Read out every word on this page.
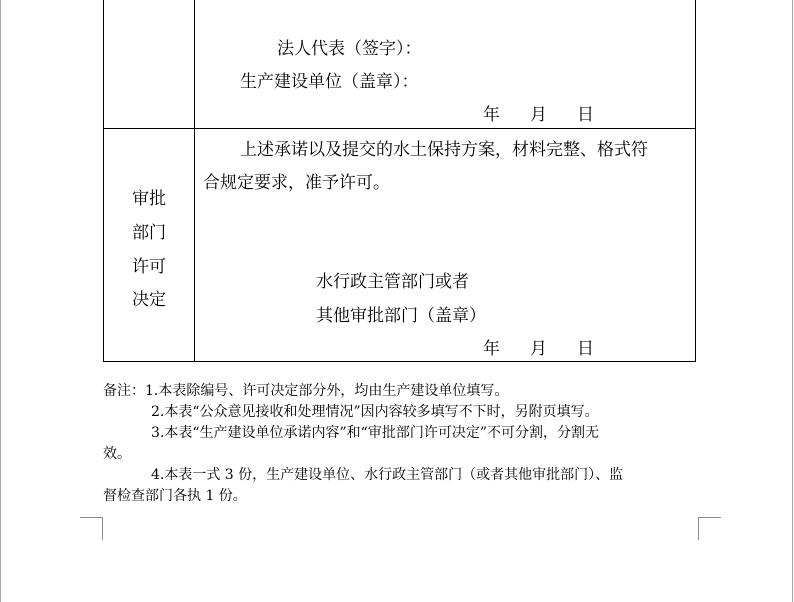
法人代表（签字）：
生产建设单位（盖章）：
年 月 日
审批
部门
许可
决定
上述承诺以及提交的水土保持方案，材料完整、格式符
合规定要求，准予许可。
水行政主管部门或者
其他审批部门（盖章）
年 月 日
备注：1.本表除编号、许可决定部分外，均由生产建设单位填写。
2.本表“公众意见接收和处理情况”因内容较多填写不下时，另附页填写。
3.本表“生产建设单位承诺内容”和“审批部门许可决定”不可分割，分割无
效。
4.本表一式 3 份，生产建设单位、水行政主管部门（或者其他审批部门）、监
督检查部门各执 1 份。
